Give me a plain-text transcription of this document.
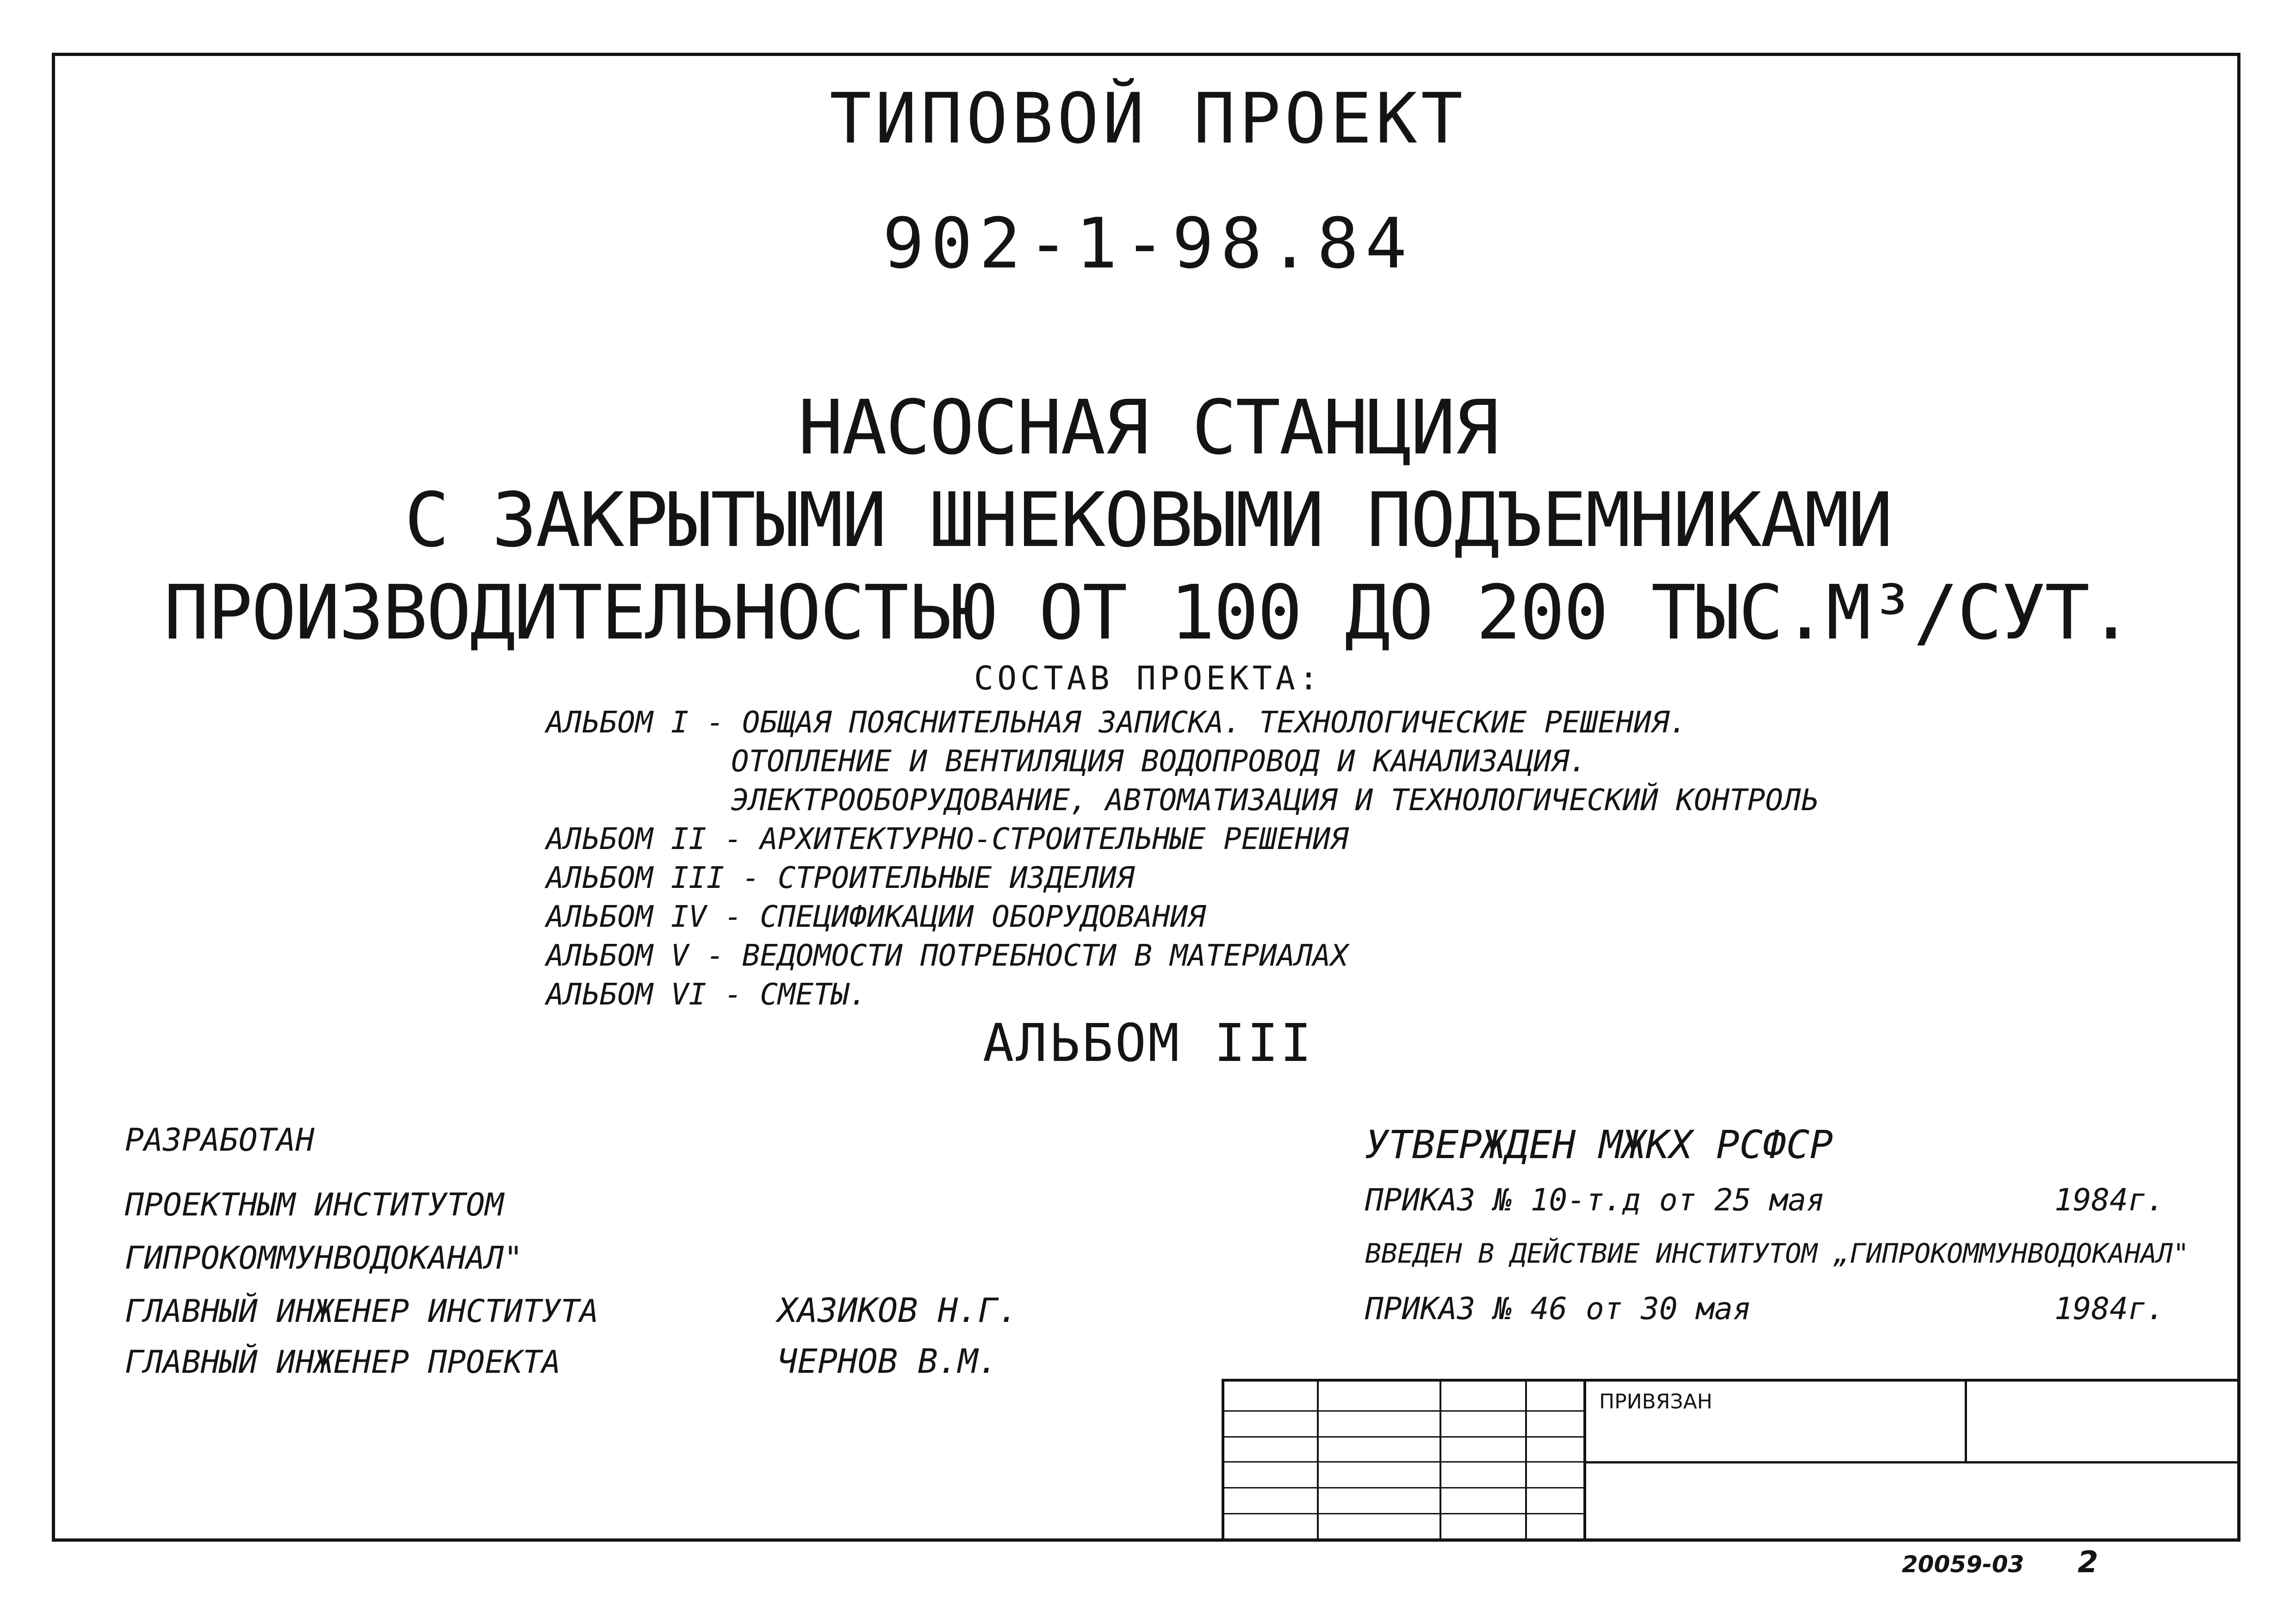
ТИПОВОЙ ПРОЕКТ
902-1-98.84
НАСОСНАЯ СТАНЦИЯ
С ЗАКРЫТЫМИ ШНЕКОВЫМИ ПОДЪЕМНИКАМИ
ПРОИЗВОДИТЕЛЬНОСТЬЮ ОТ 100 ДО 200 ТЫС.М³/СУТ.
СОСТАВ ПРОЕКТА:
АЛЬБОМ I - ОБЩАЯ ПОЯСНИТЕЛЬНАЯ ЗАПИСКА. ТЕХНОЛОГИЧЕСКИЕ РЕШЕНИЯ.
ОТОПЛЕНИЕ И ВЕНТИЛЯЦИЯ ВОДОПРОВОД И КАНАЛИЗАЦИЯ.
ЭЛЕКТРООБОРУДОВАНИЕ, АВТОМАТИЗАЦИЯ И ТЕХНОЛОГИЧЕСКИЙ КОНТРОЛЬ
АЛЬБОМ II - АРХИТЕКТУРНО-СТРОИТЕЛЬНЫЕ РЕШЕНИЯ
АЛЬБОМ III - СТРОИТЕЛЬНЫЕ ИЗДЕЛИЯ
АЛЬБОМ IV - СПЕЦИФИКАЦИИ ОБОРУДОВАНИЯ
АЛЬБОМ V - ВЕДОМОСТИ ПОТРЕБНОСТИ В МАТЕРИАЛАХ
АЛЬБОМ VI - СМЕТЫ.
АЛЬБОМ III
РАЗРАБОТАН
ПРОЕКТНЫМ ИНСТИТУТОМ
ГИПРОКОММУНВОДОКАНАЛ"
ГЛАВНЫЙ ИНЖЕНЕР ИНСТИТУТА
ГЛАВНЫЙ ИНЖЕНЕР ПРОЕКТА
ХАЗИКОВ Н.Г.
ЧЕРНОВ В.М.
УТВЕРЖДЕН МЖКХ РСФСР
ПРИКАЗ № 10-т.д от 25 мая	1984г.
ВВЕДЕН В ДЕЙСТВИЕ ИНСТИТУТОМ „ГИПРОКОММУНВОДОКАНАЛ"
ПРИКАЗ № 46 от 30 мая	1984г.
ПРИВЯЗАН
20059-03 2
